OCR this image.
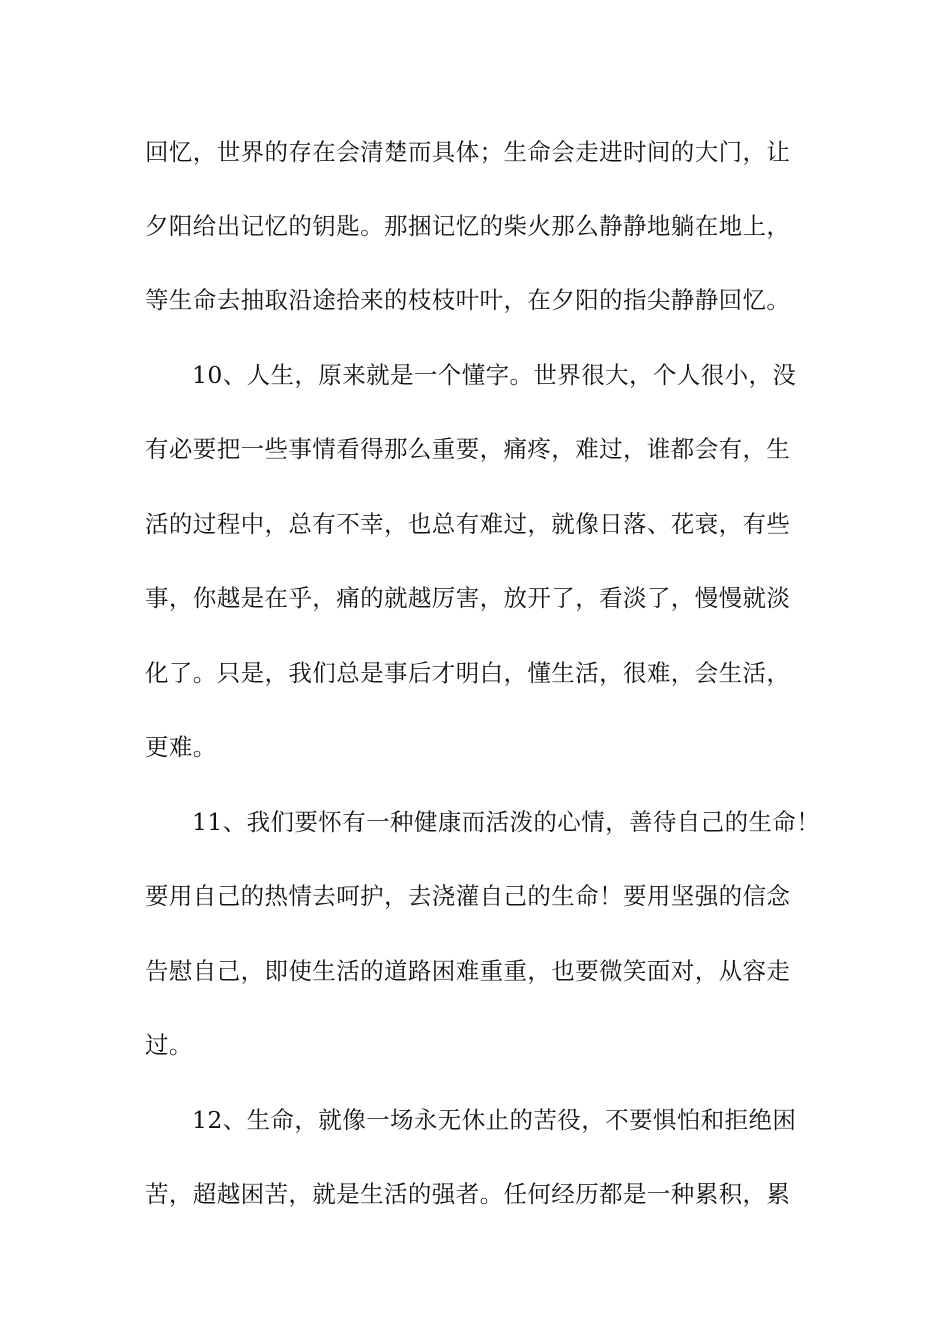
回忆，世界的存在会清楚而具体；生命会走进时间的大门，让
夕阳给出记忆的钥匙。那捆记忆的柴火那么静静地躺在地上，
等生命去抽取沿途拾来的枝枝叶叶，在夕阳的指尖静静回忆。
10、人生，原来就是一个懂字。世界很大，个人很小，没
有必要把一些事情看得那么重要，痛疼，难过，谁都会有，生
活的过程中，总有不幸，也总有难过，就像日落、花衰，有些
事，你越是在乎，痛的就越厉害，放开了，看淡了，慢慢就淡
化了。只是，我们总是事后才明白，懂生活，很难，会生活，
更难。
11、我们要怀有一种健康而活泼的心情，善待自己的生命！
要用自己的热情去呵护，去浇灌自己的生命！要用坚强的信念
告慰自己，即使生活的道路困难重重，也要微笑面对，从容走
过。
12、生命，就像一场永无休止的苦役，不要惧怕和拒绝困
苦，超越困苦，就是生活的强者。任何经历都是一种累积，累
